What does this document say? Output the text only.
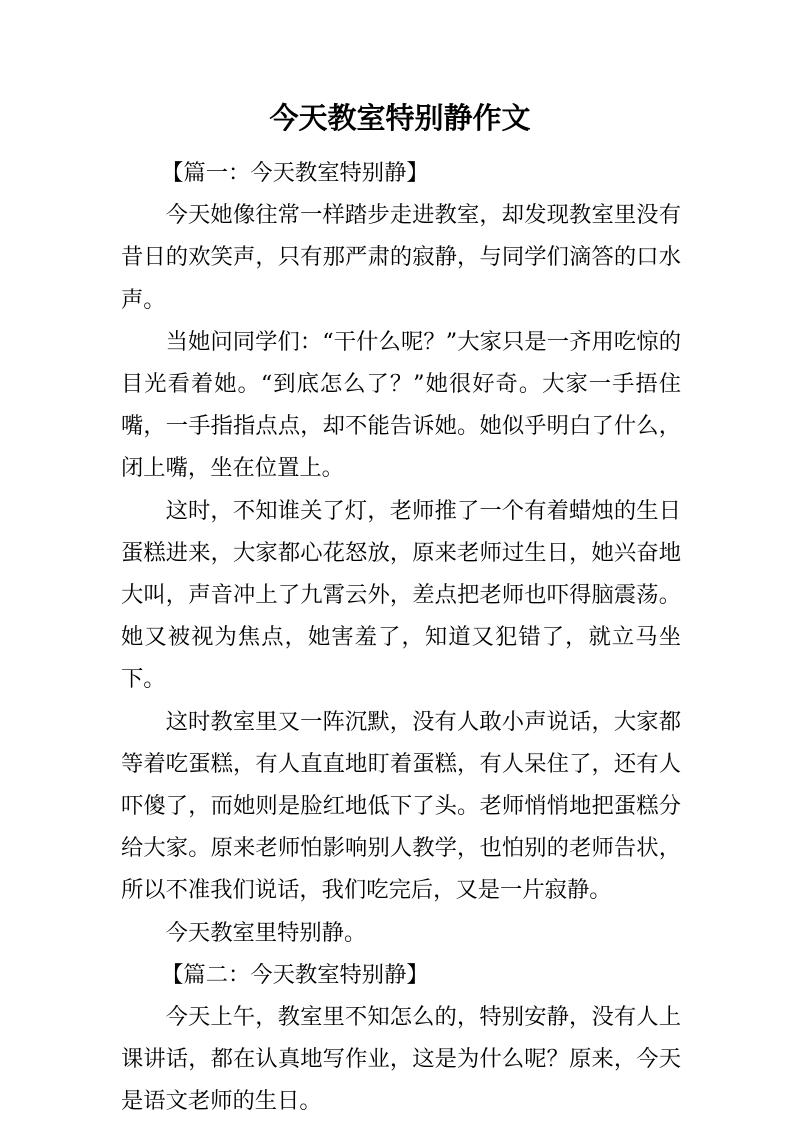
今天教室特别静作文

【篇一：今天教室特别静】

今天她像往常一样踏步走进教室，却发现教室里没有昔日的欢笑声，只有那严肃的寂静，与同学们滴答的口水声。

当她问同学们：“干什么呢？”大家只是一齐用吃惊的目光看着她。“到底怎么了？”她很好奇。大家一手捂住嘴，一手指指点点，却不能告诉她。她似乎明白了什么，闭上嘴，坐在位置上。

这时，不知谁关了灯，老师推了一个有着蜡烛的生日蛋糕进来，大家都心花怒放，原来老师过生日，她兴奋地大叫，声音冲上了九霄云外，差点把老师也吓得脑震荡。她又被视为焦点，她害羞了，知道又犯错了，就立马坐下。

这时教室里又一阵沉默，没有人敢小声说话，大家都等着吃蛋糕，有人直直地盯着蛋糕，有人呆住了，还有人吓傻了，而她则是脸红地低下了头。老师悄悄地把蛋糕分给大家。原来老师怕影响别人教学，也怕别的老师告状，所以不准我们说话，我们吃完后，又是一片寂静。

今天教室里特别静。

【篇二：今天教室特别静】

今天上午，教室里不知怎么的，特别安静，没有人上课讲话，都在认真地写作业，这是为什么呢？原来，今天是语文老师的生日。
